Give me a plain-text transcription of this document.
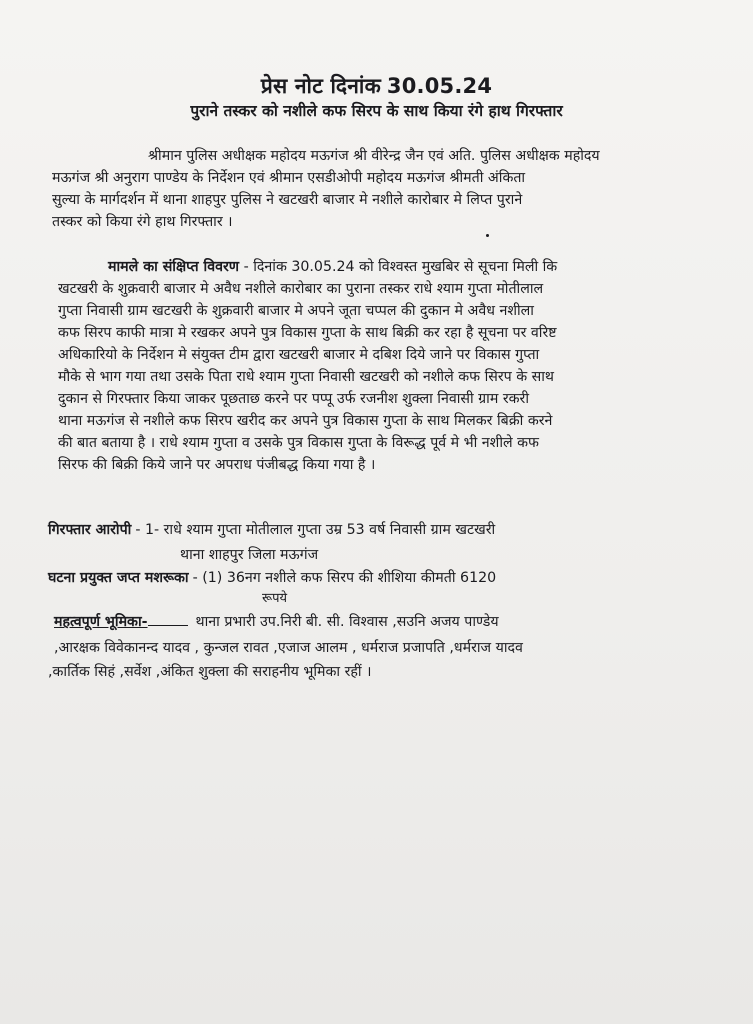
प्रेस नोट दिनांक 30.05.24
पुराने तस्कर को नशीले कफ सिरप के साथ किया रंगे हाथ गिरफ्तार
श्रीमान पुलिस अधीक्षक महोदय मऊगंज श्री वीरेन्द्र जैन एवं अति. पुलिस अधीक्षक महोदय
मऊगंज श्री अनुराग पाण्डेय के निर्देशन एवं श्रीमान एसडीओपी महोदय मऊगंज श्रीमती अंकिता
सुल्या के मार्गदर्शन में थाना शाहपुर पुलिस ने खटखरी बाजार मे नशीले कारोबार मे लिप्त पुराने
तस्कर को किया रंगे हाथ गिरफ्तार ।
मामले का संक्षिप्त विवरण - दिनांक 30.05.24 को विश्वस्त मुखबिर से सूचना मिली कि
खटखरी के शुक्रवारी बाजार मे अवैध नशीले कारोबार का पुराना तस्कर राधे श्याम गुप्ता मोतीलाल
गुप्ता निवासी ग्राम खटखरी के शुक्रवारी बाजार मे अपने जूता चप्पल की दुकान मे अवैध नशीला
कफ सिरप काफी मात्रा मे रखकर अपने पुत्र विकास गुप्ता के साथ बिक्री कर रहा है सूचना पर वरिष्ट
अधिकारियो के निर्देशन मे संयुक्त टीम द्वारा खटखरी बाजार मे दबिश दिये जाने पर विकास गुप्ता
मौके से भाग गया तथा उसके पिता राधे श्याम गुप्ता निवासी खटखरी को नशीले कफ सिरप के साथ
दुकान से गिरफ्तार किया जाकर पूछताछ करने पर पप्पू उर्फ रजनीश शुक्ला निवासी ग्राम रकरी
थाना मऊगंज से नशीले कफ सिरप खरीद कर अपने पुत्र विकास गुप्ता के साथ मिलकर बिक्री करने
की बात बताया है । राधे श्याम गुप्ता व उसके पुत्र विकास गुप्ता के विरूद्ध पूर्व मे भी नशीले कफ
सिरफ की बिक्री किये जाने पर अपराध पंजीबद्ध किया गया है ।
गिरफ्तार आरोपी - 1- राधे श्याम गुप्ता मोतीलाल गुप्ता उम्र 53 वर्ष निवासी ग्राम खटखरी
थाना शाहपुर जिला मऊगंज
घटना प्रयुक्त जप्त मशरूका - (1) 36नग नशीले कफ सिरप की शीशिया कीमती 6120
रूपये
महत्वपूर्ण भूमिका-	थाना प्रभारी उप.निरी बी. सी. विश्वास ,सउनि अजय पाण्डेय
,आरक्षक विवेकानन्द यादव , कुन्जल रावत ,एजाज आलम , धर्मराज प्रजापति ,धर्मराज यादव
,कार्तिक सिहं ,सर्वेश ,अंकित शुक्ला की सराहनीय भूमिका रहीं ।
